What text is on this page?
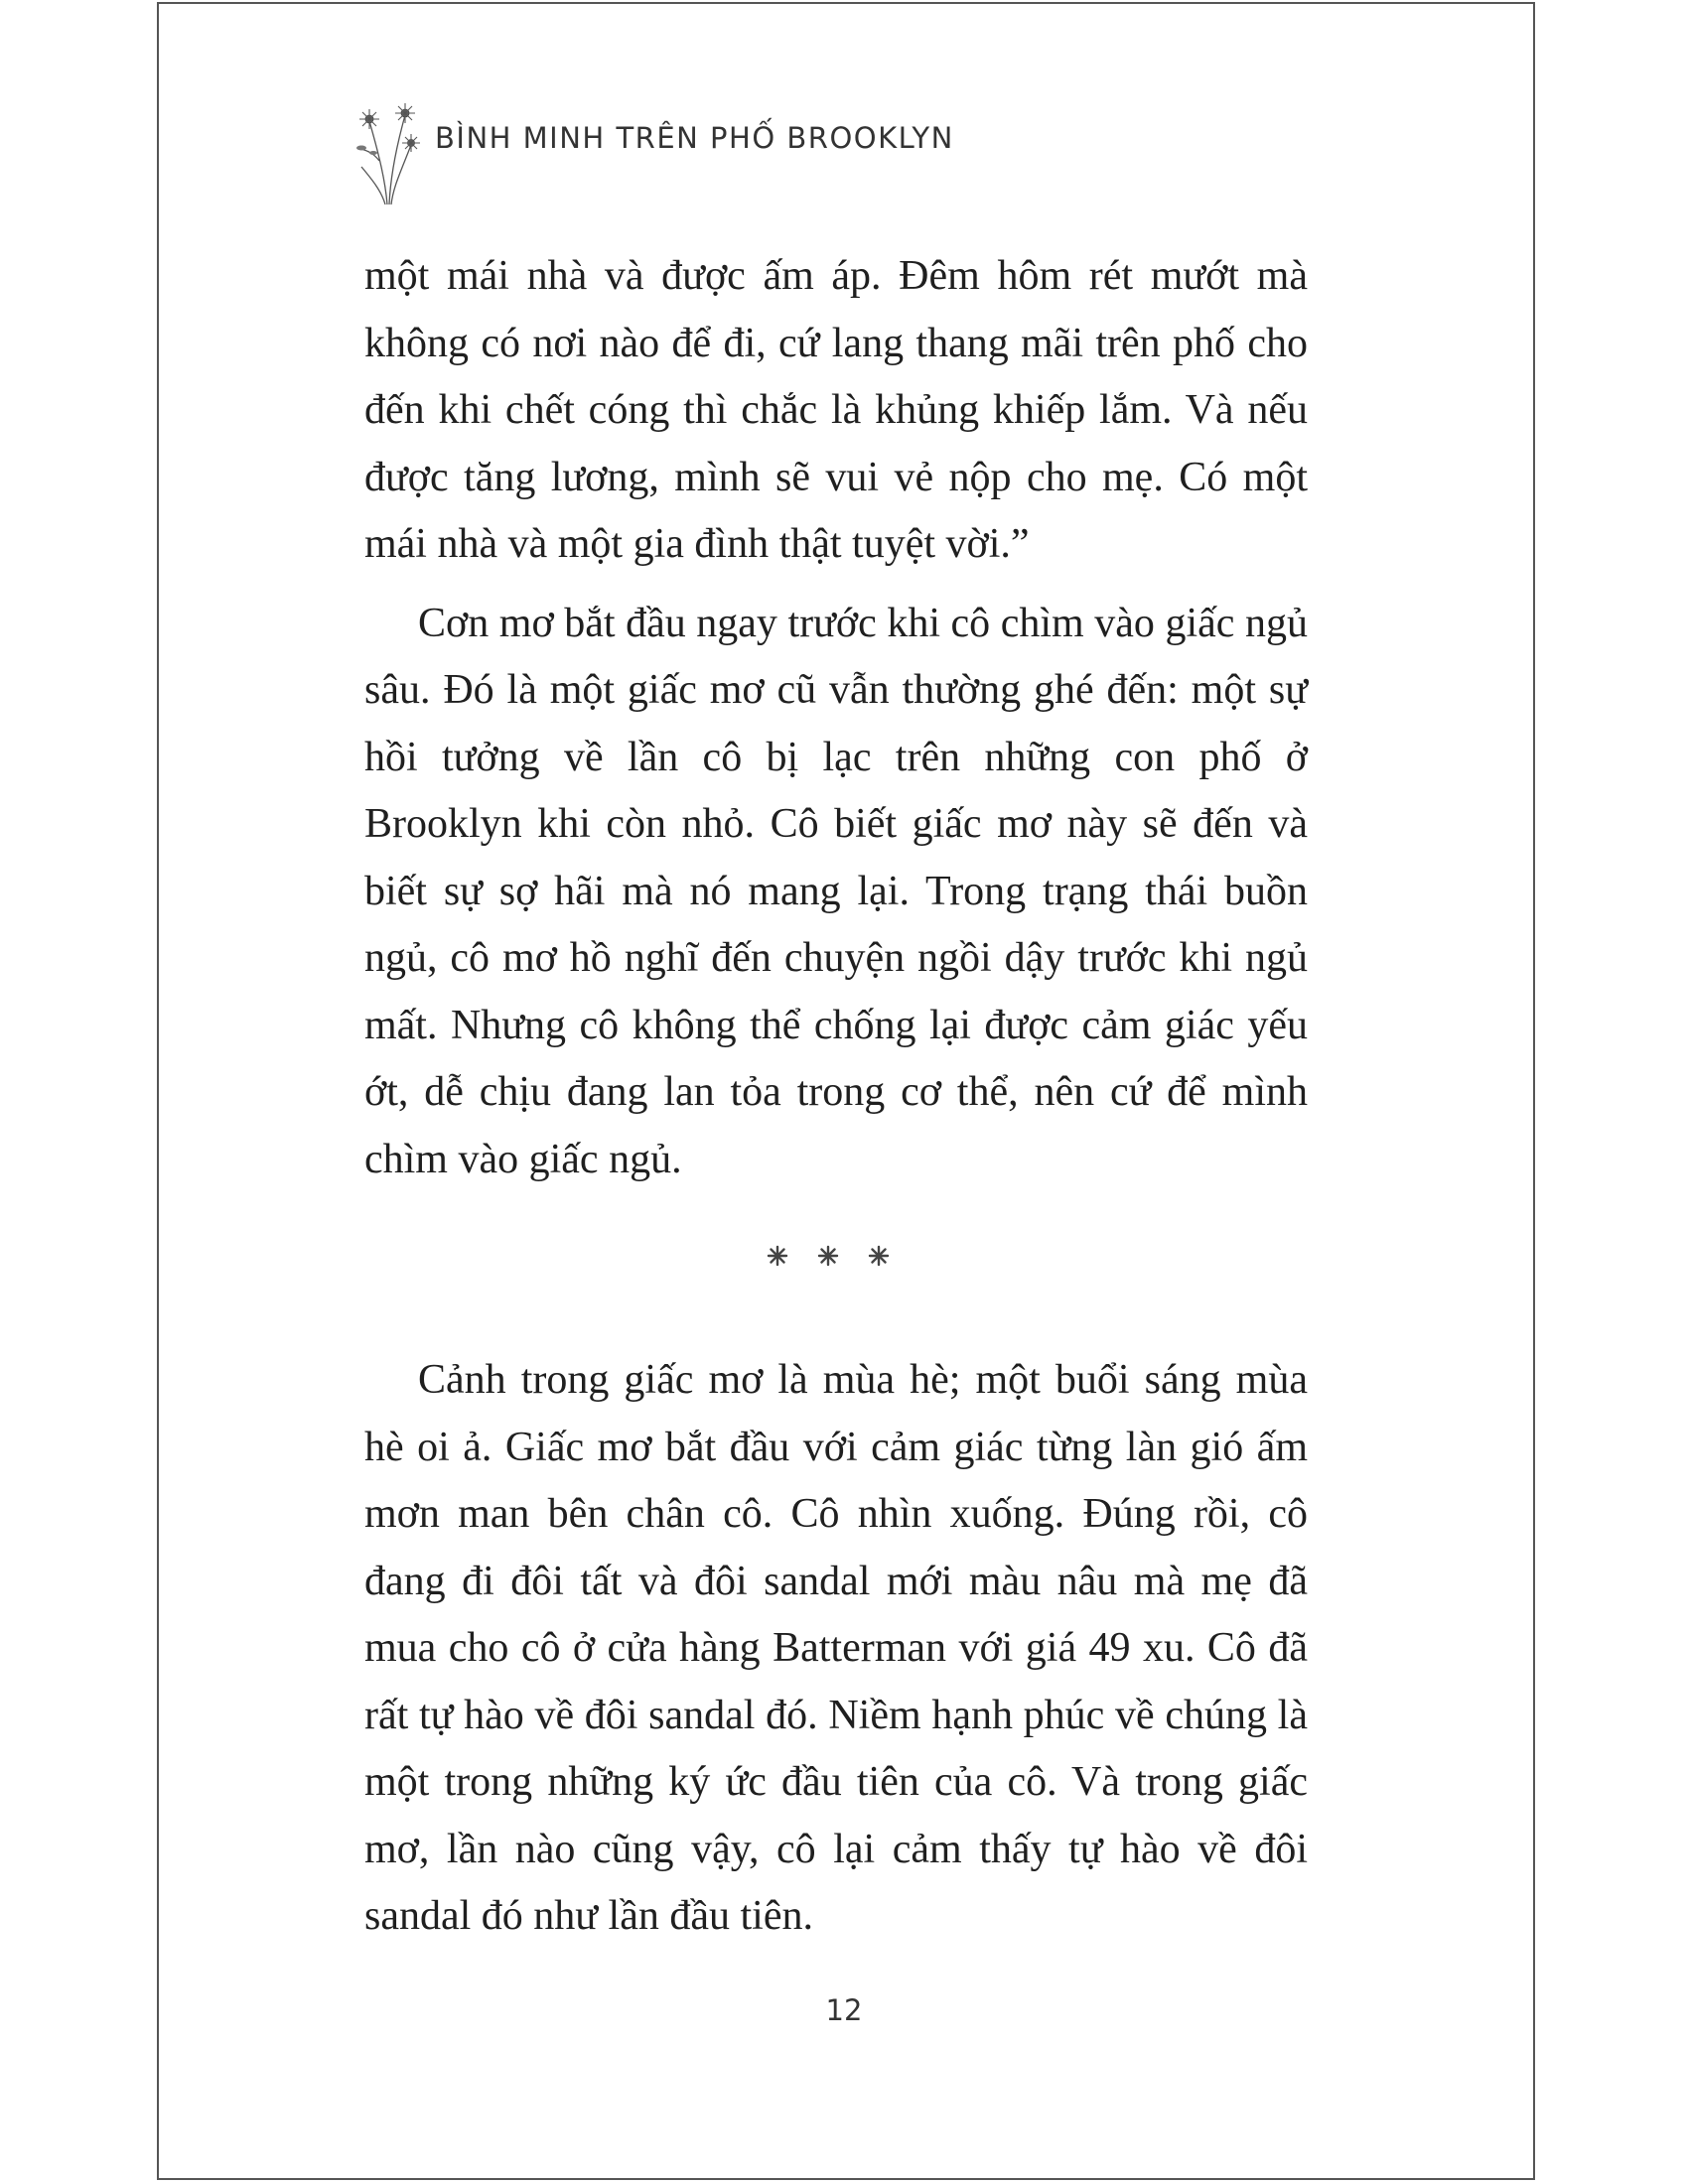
BÌNH MINH TRÊN PHỐ BROOKLYN

một mái nhà và được ấm áp. Đêm hôm rét mướt mà không có nơi nào để đi, cứ lang thang mãi trên phố cho đến khi chết cóng thì chắc là khủng khiếp lắm. Và nếu được tăng lương, mình sẽ vui vẻ nộp cho mẹ. Có một mái nhà và một gia đình thật tuyệt vời.”

Cơn mơ bắt đầu ngay trước khi cô chìm vào giấc ngủ sâu. Đó là một giấc mơ cũ vẫn thường ghé đến: một sự hồi tưởng về lần cô bị lạc trên những con phố ở Brooklyn khi còn nhỏ. Cô biết giấc mơ này sẽ đến và biết sự sợ hãi mà nó mang lại. Trong trạng thái buồn ngủ, cô mơ hồ nghĩ đến chuyện ngồi dậy trước khi ngủ mất. Nhưng cô không thể chống lại được cảm giác yếu ớt, dễ chịu đang lan tỏa trong cơ thể, nên cứ để mình chìm vào giấc ngủ.

Cảnh trong giấc mơ là mùa hè; một buổi sáng mùa hè oi ả. Giấc mơ bắt đầu với cảm giác từng làn gió ấm mơn man bên chân cô. Cô nhìn xuống. Đúng rồi, cô đang đi đôi tất và đôi sandal mới màu nâu mà mẹ đã mua cho cô ở cửa hàng Batterman với giá 49 xu. Cô đã rất tự hào về đôi sandal đó. Niềm hạnh phúc về chúng là một trong những ký ức đầu tiên của cô. Và trong giấc mơ, lần nào cũng vậy, cô lại cảm thấy tự hào về đôi sandal đó như lần đầu tiên.

12
